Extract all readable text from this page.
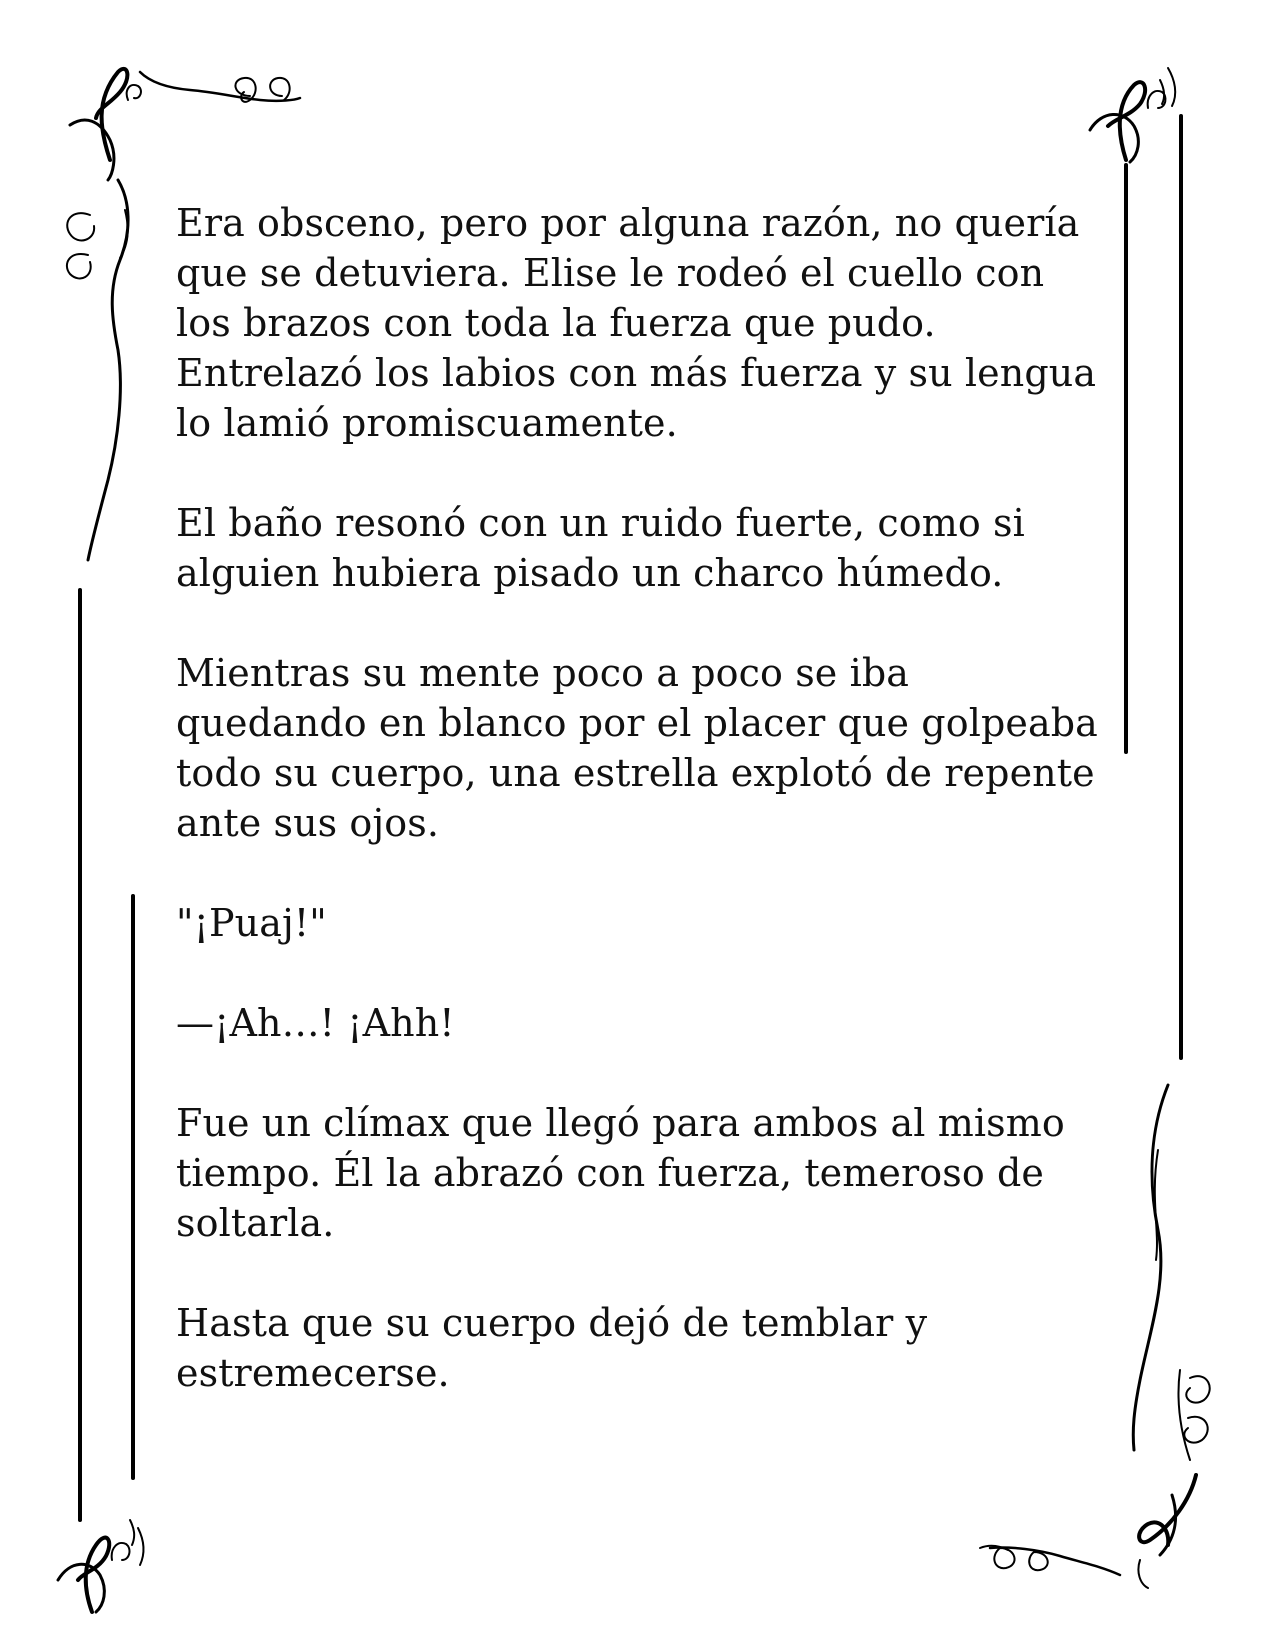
Era obsceno, pero por alguna razón, no quería que se detuviera. Elise le rodeó el cuello con los brazos con toda la fuerza que pudo. Entrelazó los labios con más fuerza y su lengua lo lamió promiscuamente.

El baño resonó con un ruido fuerte, como si alguien hubiera pisado un charco húmedo.

Mientras su mente poco a poco se iba quedando en blanco por el placer que golpeaba todo su cuerpo, una estrella explotó de repente ante sus ojos.

"¡Puaj!"

—¡Ah…! ¡Ahh!

Fue un clímax que llegó para ambos al mismo tiempo. Él la abrazó con fuerza, temeroso de soltarla.

Hasta que su cuerpo dejó de temblar y estremecerse.
